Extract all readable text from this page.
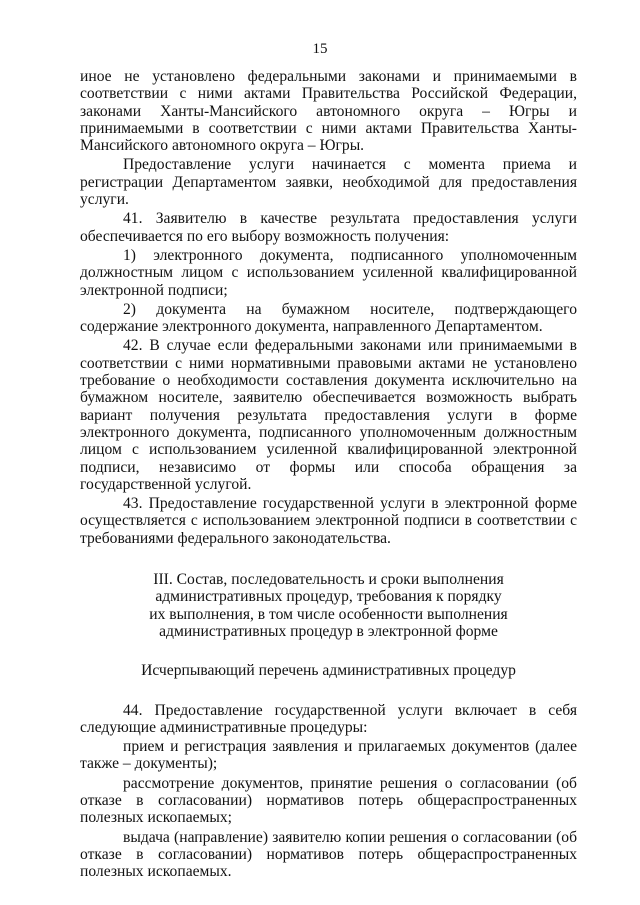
15

иное не установлено федеральными законами и принимаемыми в соответствии с ними актами Правительства Российской Федерации, законами Ханты-Мансийского автономного округа – Югры и принимаемыми в соответствии с ними актами Правительства Ханты-Мансийского автономного округа – Югры.

Предоставление услуги начинается с момента приема и регистрации Департаментом заявки, необходимой для предоставления услуги.

41. Заявителю в качестве результата предоставления услуги обеспечивается по его выбору возможность получения:

1) электронного документа, подписанного уполномоченным должностным лицом с использованием усиленной квалифицированной электронной подписи;

2) документа на бумажном носителе, подтверждающего содержание электронного документа, направленного Департаментом.

42. В случае если федеральными законами или принимаемыми в соответствии с ними нормативными правовыми актами не установлено требование о необходимости составления документа исключительно на бумажном носителе, заявителю обеспечивается возможность выбрать вариант получения результата предоставления услуги в форме электронного документа, подписанного уполномоченным должностным лицом с использованием усиленной квалифицированной электронной подписи, независимо от формы или способа обращения за государственной услугой.

43. Предоставление государственной услуги в электронной форме осуществляется с использованием электронной подписи в соответствии с требованиями федерального законодательства.

III. Состав, последовательность и сроки выполнения

административных процедур, требования к порядку

их выполнения, в том числе особенности выполнения

административных процедур в электронной форме

Исчерпывающий перечень административных процедур

44. Предоставление государственной услуги включает в себя следующие административные процедуры:

прием и регистрация заявления и прилагаемых документов (далее также – документы);

рассмотрение документов, принятие решения о согласовании (об отказе в согласовании) нормативов потерь общераспространенных полезных ископаемых;

выдача (направление) заявителю копии решения о согласовании (об отказе в согласовании) нормативов потерь общераспространенных полезных ископаемых.
